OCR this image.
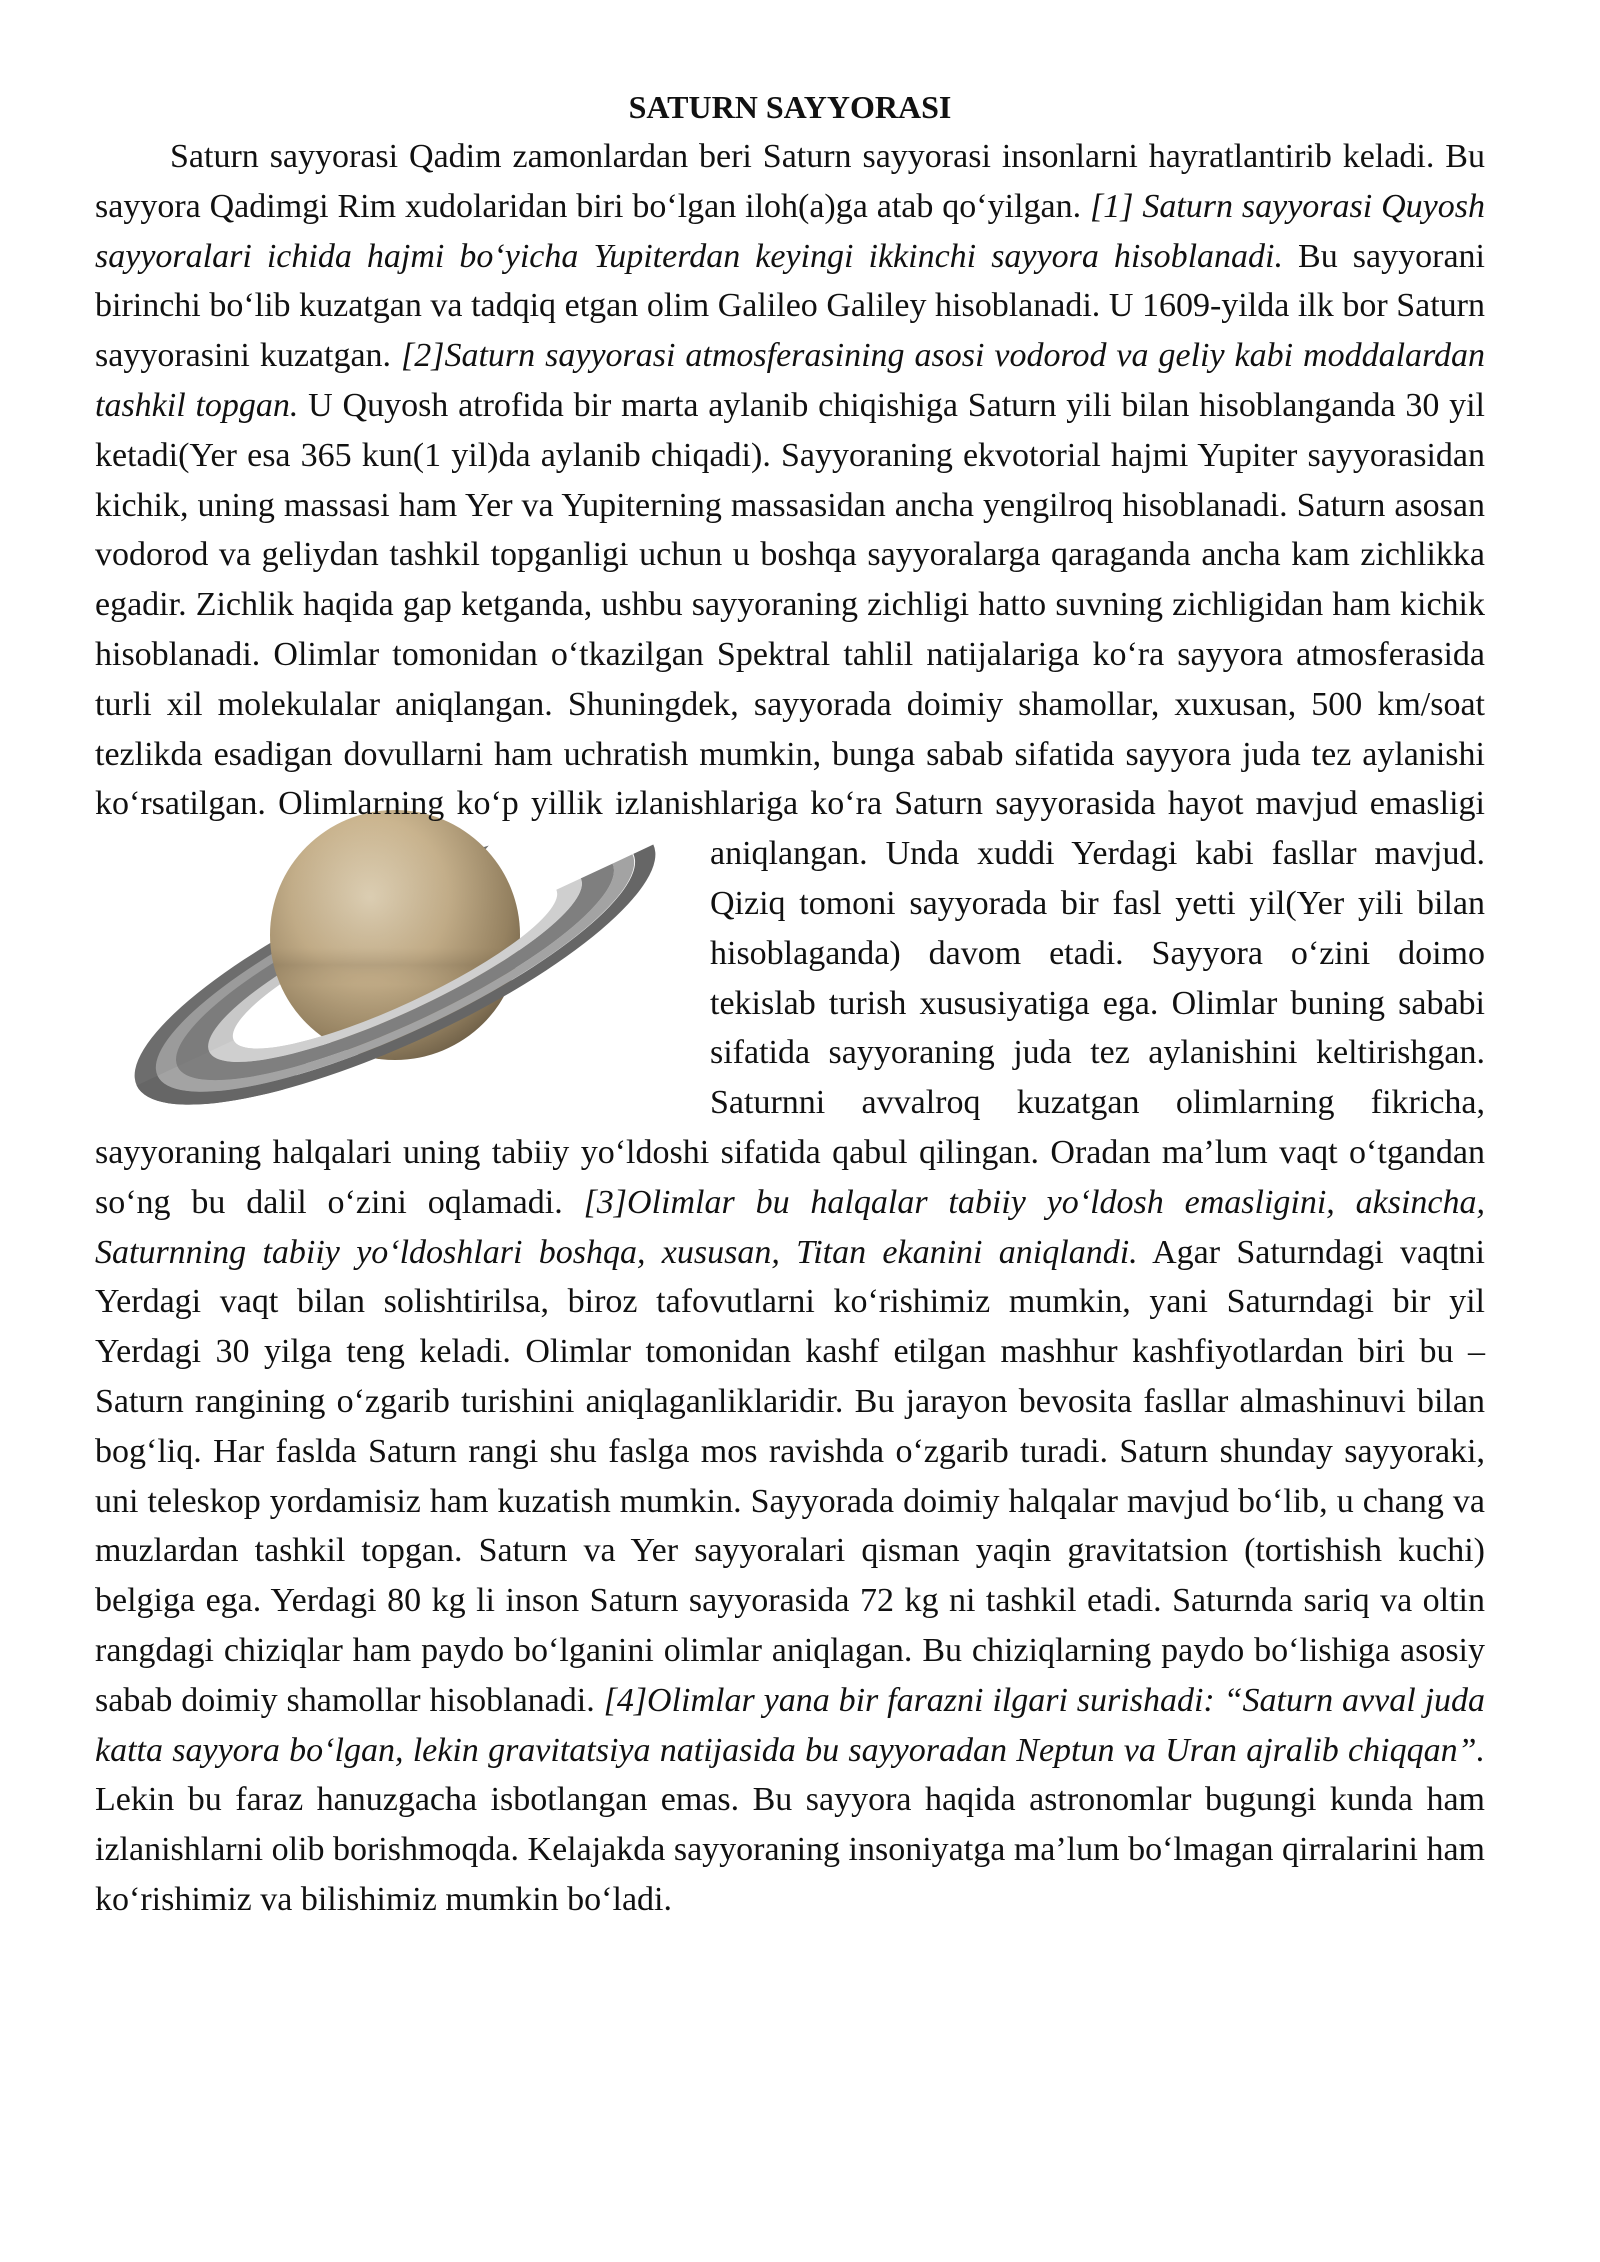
SATURN SAYYORASI

Saturn sayyorasi Qadim zamonlardan beri Saturn sayyorasi insonlarni hayratlantirib keladi. Bu sayyora Qadimgi Rim xudolaridan biri bo‘lgan iloh(a)ga atab qo‘yilgan. [1] Saturn sayyorasi Quyosh sayyoralari ichida hajmi bo‘yicha Yupiterdan keyingi ikkinchi sayyora hisoblanadi. Bu sayyorani birinchi bo‘lib kuzatgan va tadqiq etgan olim Galileo Galiley hisoblanadi. U 1609-yilda ilk bor Saturn sayyorasini kuzatgan. [2]Saturn sayyorasi atmosferasining asosi vodorod va geliy kabi moddalardan tashkil topgan. U Quyosh atrofida bir marta aylanib chiqishiga Saturn yili bilan hisoblanganda 30 yil ketadi(Yer esa 365 kun(1 yil)da aylanib chiqadi). Sayyoraning ekvotorial hajmi Yupiter sayyorasidan kichik, uning massasi ham Yer va Yupiterning massasidan ancha yengilroq hisoblanadi. Saturn asosan vodorod va geliydan tashkil topganligi uchun u boshqa sayyoralarga qaraganda ancha kam zichlikka egadir. Zichlik haqida gap ketganda, ushbu sayyoraning zichligi hatto suvning zichligidan ham kichik hisoblanadi. Olimlar tomonidan o‘tkazilgan Spektral tahlil natijalariga ko‘ra sayyora atmosferasida turli xil molekulalar aniqlangan. Shuningdek, sayyorada doimiy shamollar, xuxusan, 500 km/soat tezlikda esadigan dovullarni ham uchratish mumkin, bunga sabab sifatida sayyora juda tez aylanishi ko‘rsatilgan. Olimlarning
ko‘p yillik izlanishlariga ko‘ra Saturn sayyorasida hayot mavjud emasligi aniqlangan. Unda xuddi Yerdagi kabi fasllar mavjud. Qiziq tomoni sayyorada bir fasl yetti yil(Yer yili bilan hisoblaganda) davom etadi. Sayyora o‘zini doimo tekislab turish xususiyatiga ega. Olimlar buning sababi sifatida sayyoraning juda tez aylanishini keltirishgan. Saturnni avvalroq kuzatgan olimlarning fikricha, sayyoraning halqalari uning tabiiy yo‘ldoshi sifatida qabul qilingan. Oradan ma’lum vaqt o‘tgandan so‘ng bu dalil o‘zini oqlamadi. [3]Olimlar bu halqalar tabiiy yo‘ldosh emasligini, aksincha, Saturnning tabiiy yo‘ldoshlari boshqa, xususan, Titan ekanini aniqlandi. Agar Saturndagi vaqtni Yerdagi vaqt bilan solishtirilsa, biroz tafovutlarni ko‘rishimiz mumkin, yani Saturndagi bir yil Yerdagi 30 yilga teng keladi. Olimlar tomonidan kashf etilgan mashhur kashfiyotlardan biri bu – Saturn rangining o‘zgarib turishini aniqlaganliklaridir. Bu jarayon bevosita fasllar almashinuvi bilan bog‘liq. Har faslda Saturn rangi shu faslga mos ravishda o‘zgarib turadi. Saturn shunday sayyoraki, uni teleskop yordamisiz ham kuzatish mumkin. Sayyorada doimiy halqalar mavjud bo‘lib, u chang va muzlardan tashkil topgan. Saturn va Yer sayyoralari qisman yaqin gravitatsion (tortishish kuchi) belgiga ega. Yerdagi 80 kg li inson Saturn sayyorasida 72 kg ni tashkil etadi. Saturnda sariq va oltin rangdagi chiziqlar ham paydo bo‘lganini olimlar aniqlagan. Bu chiziqlarning paydo bo‘lishiga asosiy sabab doimiy shamollar hisoblanadi. [4]Olimlar yana bir farazni ilgari surishadi: “Saturn avval juda katta sayyora bo‘lgan, lekin gravitatsiya natijasida bu sayyoradan Neptun va Uran ajralib chiqqan”. Lekin bu faraz hanuzgacha isbotlangan emas. Bu sayyora haqida astronomlar bugungi kunda ham izlanishlarni olib borishmoqda. Kelajakda sayyoraning insoniyatga ma’lum bo‘lmagan qirralarini ham ko‘rishimiz va bilishimiz mumkin bo‘ladi.
